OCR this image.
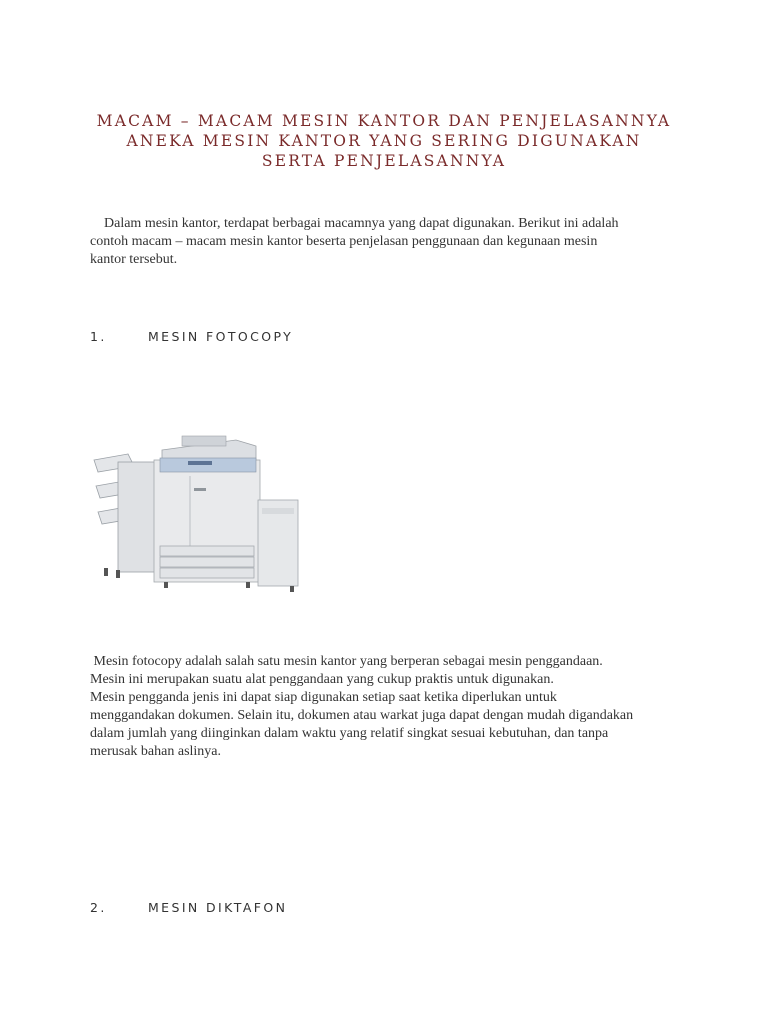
MACAM – MACAM MESIN KANTOR DAN PENJELASANNYA
ANEKA MESIN KANTOR YANG SERING DIGUNAKAN
SERTA PENJELASANNYA
Dalam mesin kantor, terdapat berbagai macamnya yang dapat digunakan. Berikut ini adalah
contoh macam – macam mesin kantor beserta penjelasan penggunaan dan kegunaan mesin
kantor tersebut.
1.	MESIN FOTOCOPY
Mesin fotocopy adalah salah satu mesin kantor yang berperan sebagai mesin penggandaan.
Mesin ini merupakan suatu alat penggandaan yang cukup praktis untuk digunakan.
Mesin pengganda jenis ini dapat siap digunakan setiap saat ketika diperlukan untuk
menggandakan dokumen. Selain itu, dokumen atau warkat juga dapat dengan mudah digandakan
dalam jumlah yang diinginkan dalam waktu yang relatif singkat sesuai kebutuhan, dan tanpa
merusak bahan aslinya.
2.	MESIN DIKTAFON
